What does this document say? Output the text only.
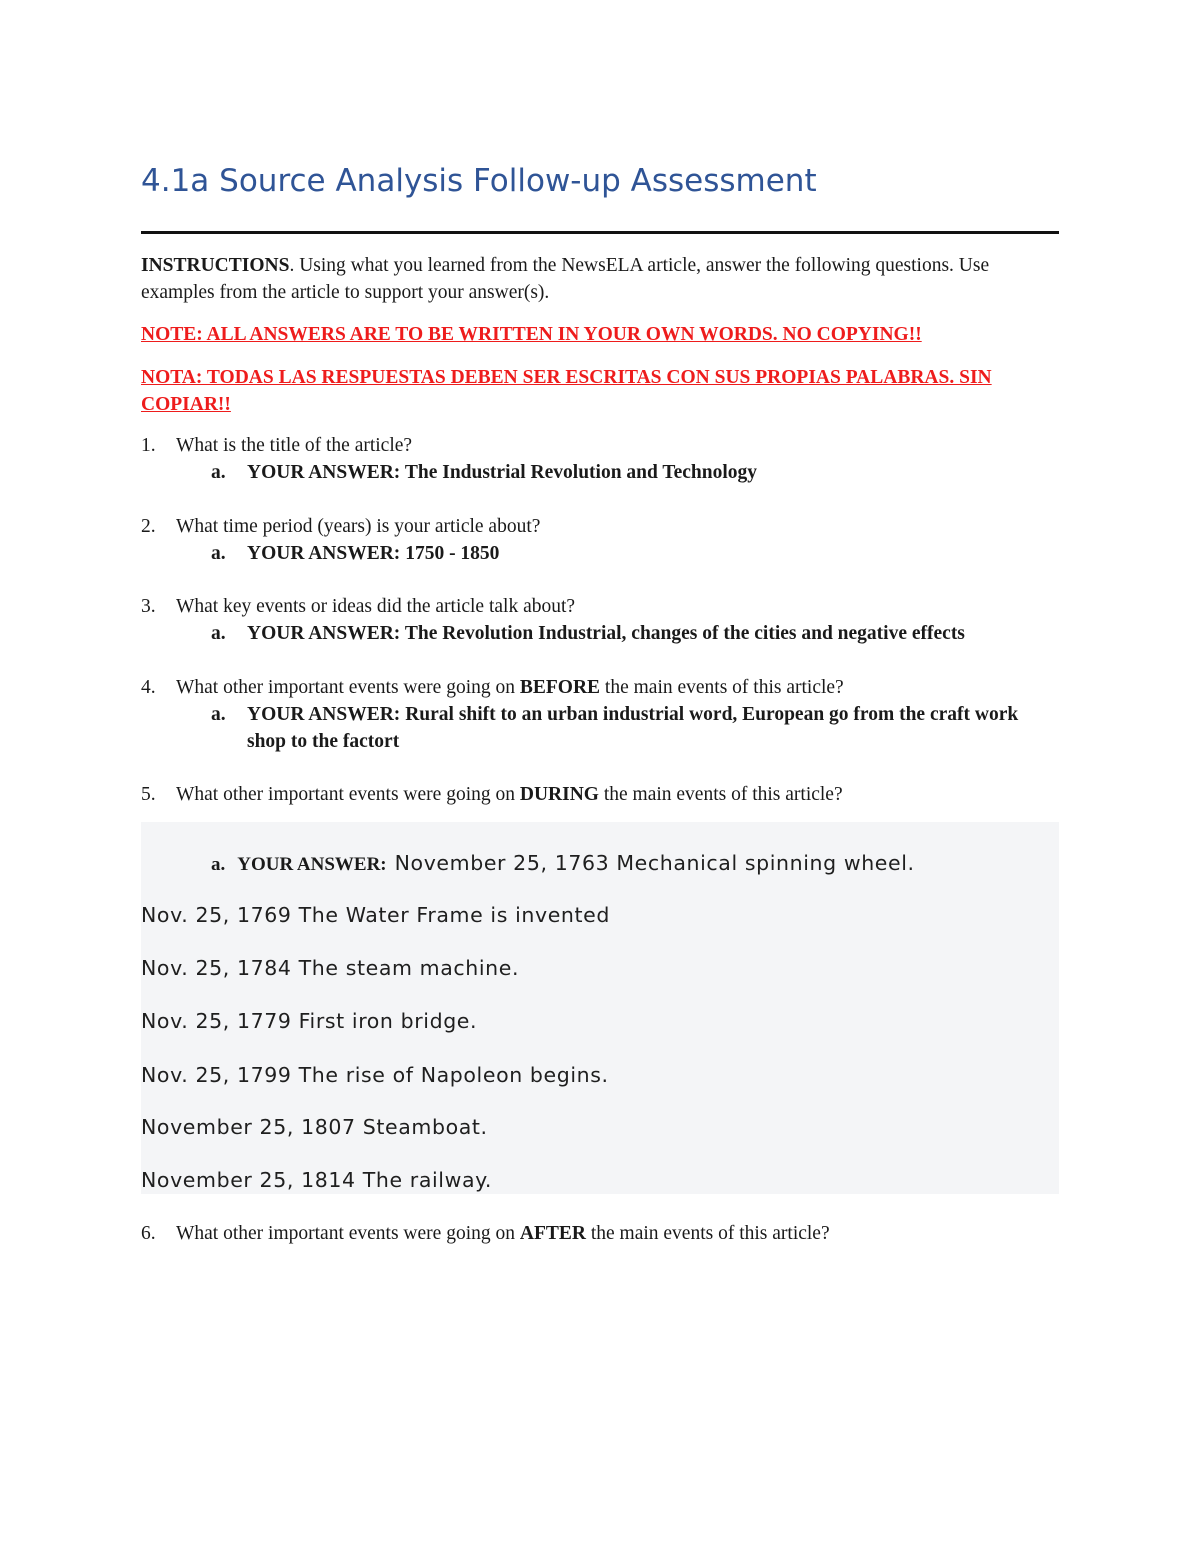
4.1a Source Analysis Follow-up Assessment
INSTRUCTIONS. Using what you learned from the NewsELA article, answer the following questions. Use examples from the article to support your answer(s).
NOTE: ALL ANSWERS ARE TO BE WRITTEN IN YOUR OWN WORDS. NO COPYING!!
NOTA: TODAS LAS RESPUESTAS DEBEN SER ESCRITAS CON SUS PROPIAS PALABRAS. SIN COPIAR!!
1.	What is the title of the article?
a. YOUR ANSWER: The Industrial Revolution and Technology
2.	What time period (years) is your article about?
a. YOUR ANSWER: 1750 - 1850
3.	What key events or ideas did the article talk about?
a. YOUR ANSWER: The Revolution Industrial, changes of the cities and negative effects
4.	What other important events were going on BEFORE the main events of this article?
a. YOUR ANSWER: Rural shift to an urban industrial word, European go from the craft work shop to the factort
5.	What other important events were going on DURING the main events of this article?
a. YOUR ANSWER: November 25, 1763 Mechanical spinning wheel.
Nov. 25, 1769 The Water Frame is invented
Nov. 25, 1784 The steam machine.
Nov. 25, 1779 First iron bridge.
Nov. 25, 1799 The rise of Napoleon begins.
November 25, 1807 Steamboat.
November 25, 1814 The railway.
6.	What other important events were going on AFTER the main events of this article?
